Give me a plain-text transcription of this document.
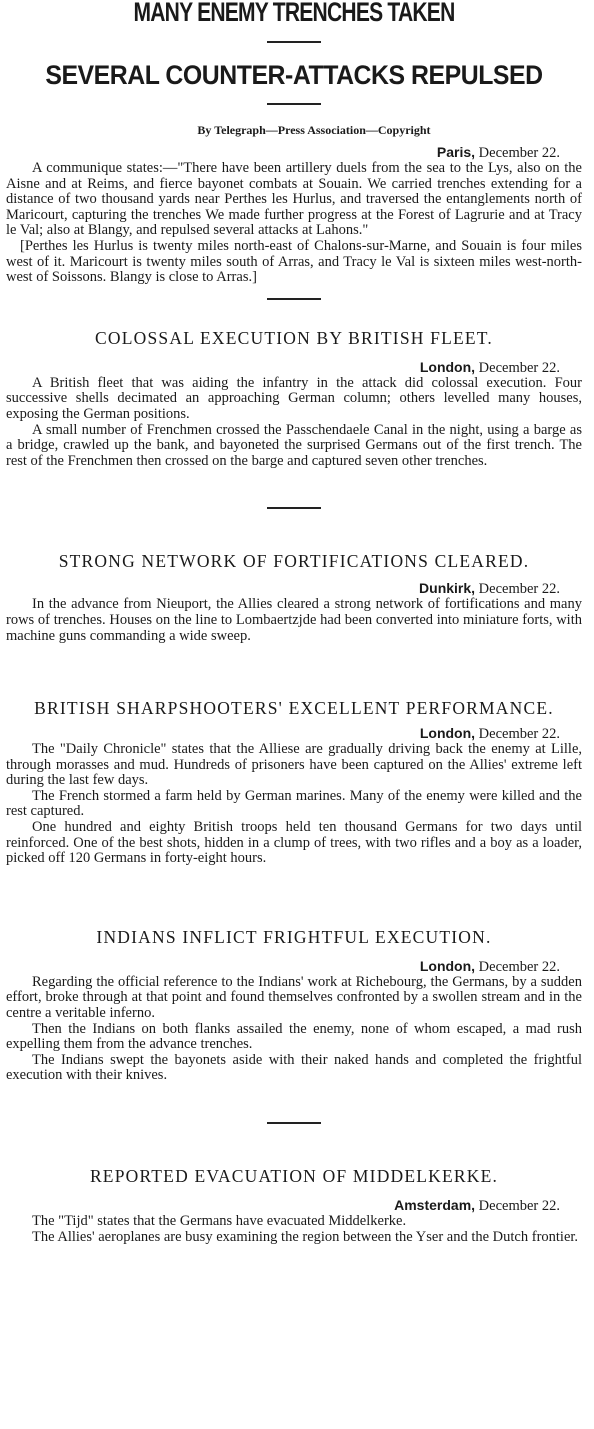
MANY ENEMY TRENCHES TAKEN
SEVERAL COUNTER-ATTACKS REPULSED
By Telegraph—Press Association—Copyright
Paris, December 22.

A communique states:—"There have been artillery duels from the sea to the Lys, also on the Aisne and at Reims, and fierce bayonet combats at Souain. We carried trenches extending for a distance of two thousand yards near Perthes les Hurlus, and traversed the entanglements north of Maricourt, capturing the trenches We made further progress at the Forest of Lagrurie and at Tracy le Val; also at Blangy, and repulsed several attacks at Lahons."

[Perthes les Hurlus is twenty miles north-east of Chalons-sur-Marne, and Souain is four miles west of it. Maricourt is twenty miles south of Arras, and Tracy le Val is sixteen miles west-north-west of Soissons. Blangy is close to Arras.]

COLOSSAL EXECUTION BY BRITISH FLEET.
London, December 22.

A British fleet that was aiding the infantry in the attack did colossal execution. Four successive shells decimated an approaching German column; others levelled many houses, exposing the German positions.

A small number of Frenchmen crossed the Passchendaele Canal in the night, using a barge as a bridge, crawled up the bank, and bayoneted the surprised Germans out of the first trench. The rest of the Frenchmen then crossed on the barge and captured seven other trenches.

STRONG NETWORK OF FORTIFICATIONS CLEARED.
Dunkirk, December 22.

In the advance from Nieuport, the Allies cleared a strong network of fortifications and many rows of trenches. Houses on the line to Lombaertzjde had been converted into miniature forts, with machine guns commanding a wide sweep.

BRITISH SHARPSHOOTERS' EXCELLENT PERFORMANCE.
London, December 22.

The "Daily Chronicle" states that the Alliese are gradually driving back the enemy at Lille, through morasses and mud. Hundreds of prisoners have been captured on the Allies' extreme left during the last few days.

The French stormed a farm held by German marines. Many of the enemy were killed and the rest captured.

One hundred and eighty British troops held ten thousand Germans for two days until reinforced. One of the best shots, hidden in a clump of trees, with two rifles and a boy as a loader, picked off 120 Germans in forty-eight hours.

INDIANS INFLICT FRIGHTFUL EXECUTION.
London, December 22.

Regarding the official reference to the Indians' work at Richebourg, the Germans, by a sudden effort, broke through at that point and found themselves confronted by a swollen stream and in the centre a veritable inferno.

Then the Indians on both flanks assailed the enemy, none of whom escaped, a mad rush expelling them from the advance trenches.

The Indians swept the bayonets aside with their naked hands and completed the frightful execution with their knives.

REPORTED EVACUATION OF MIDDELKERKE.
Amsterdam, December 22.

The "Tijd" states that the Germans have evacuated Middelkerke.

The Allies' aeroplanes are busy examining the region between the Yser and the Dutch frontier.
